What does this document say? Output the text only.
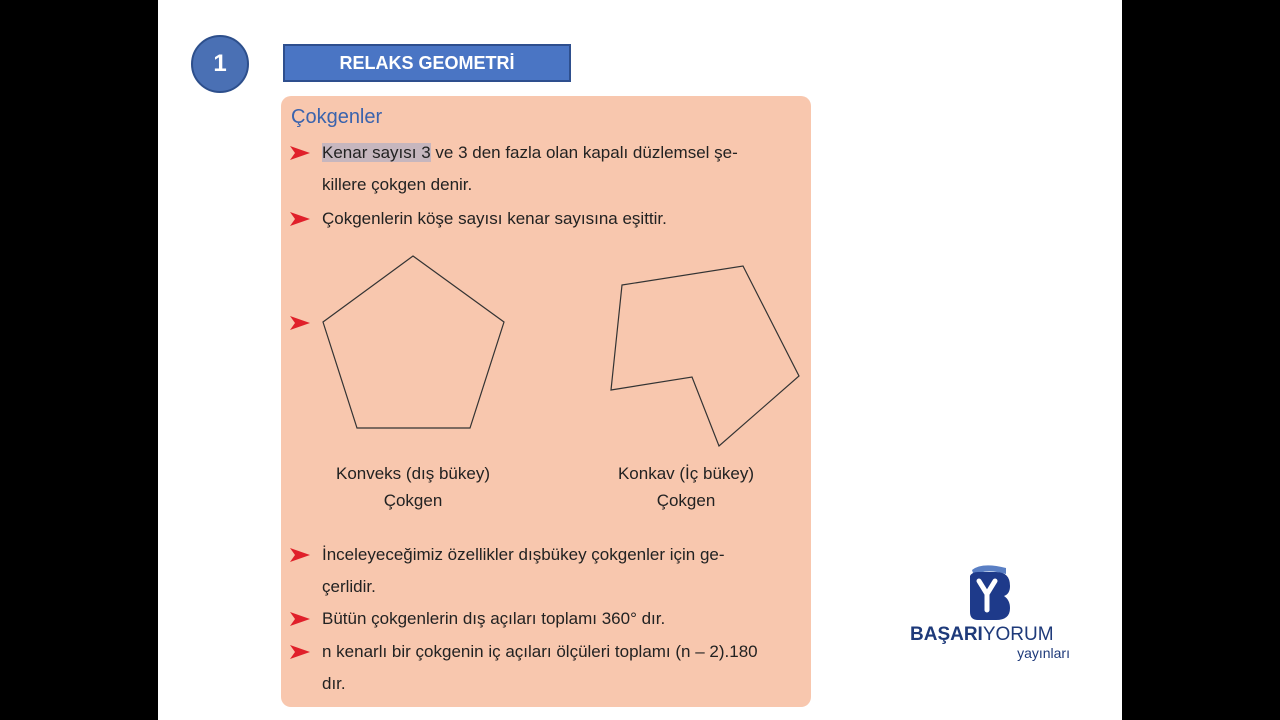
1	RELAKS GEOMETRİ
Çokgenler
Kenar sayısı 3 ve 3 den fazla olan kapalı düzlemsel şe-
killere çokgen denir.
Çokgenlerin köşe sayısı kenar sayısına eşittir.
Konveks (dış bükey)
Çokgen
Konkav (İç bükey)
Çokgen
İnceleyeceğimiz özellikler dışbükey çokgenler için ge-
çerlidir.
Bütün çokgenlerin dış açıları toplamı 360° dır.
n kenarlı bir çokgenin iç açıları ölçüleri toplamı (n – 2).180
dır.
BAŞARIYORUM
yayınları
